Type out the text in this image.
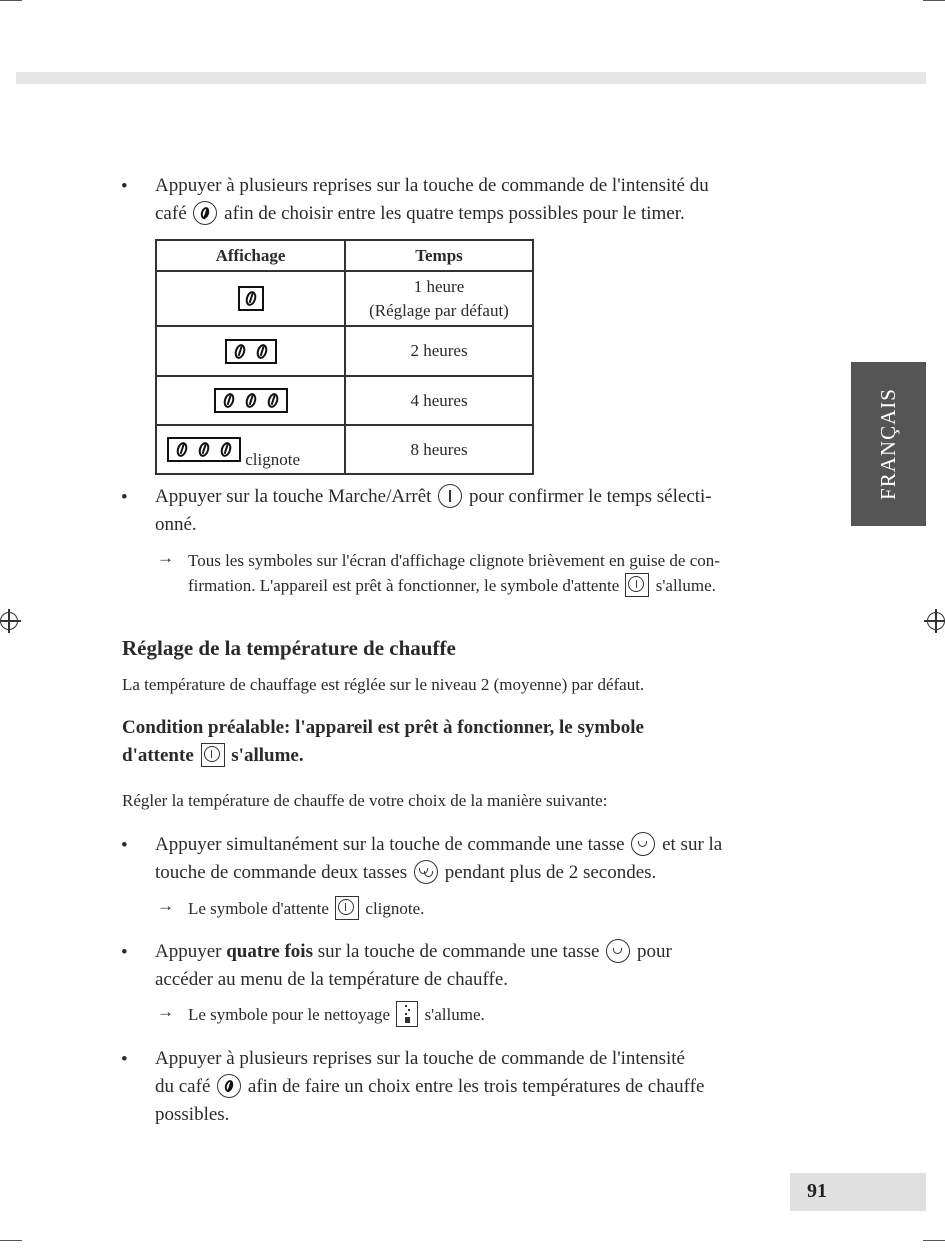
• Appuyer à plusieurs reprises sur la touche de commande de l'intensité du
café afin de choisir entre les quatre temps possibles pour le timer.
Affichage	Temps

	1 heure
(Réglage par défaut)

	2 heures

	4 heures

clignote	8 heures
• Appuyer sur la touche Marche/Arrêt pour confirmer le temps sélecti-
onné.
→ Tous les symboles sur l'écran d'affichage clignote brièvement en guise de con-
firmation. L'appareil est prêt à fonctionner, le symbole d'attente s'allume.
Réglage de la température de chauffe
La température de chauffage est réglée sur le niveau 2 (moyenne) par défaut.
Condition préalable: l'appareil est prêt à fonctionner, le symbole
d'attente s'allume.
Régler la température de chauffe de votre choix de la manière suivante:
• Appuyer simultanément sur la touche de commande une tasse et sur la
touche de commande deux tasses pendant plus de 2 secondes.
→ Le symbole d'attente clignote.
• Appuyer quatre fois sur la touche de commande une tasse pour
accéder au menu de la température de chauffe.
→ Le symbole pour le nettoyage s'allume.
• Appuyer à plusieurs reprises sur la touche de commande de l'intensité
du café afin de faire un choix entre les trois températures de chauffe
possibles.
FRANÇAIS
91
